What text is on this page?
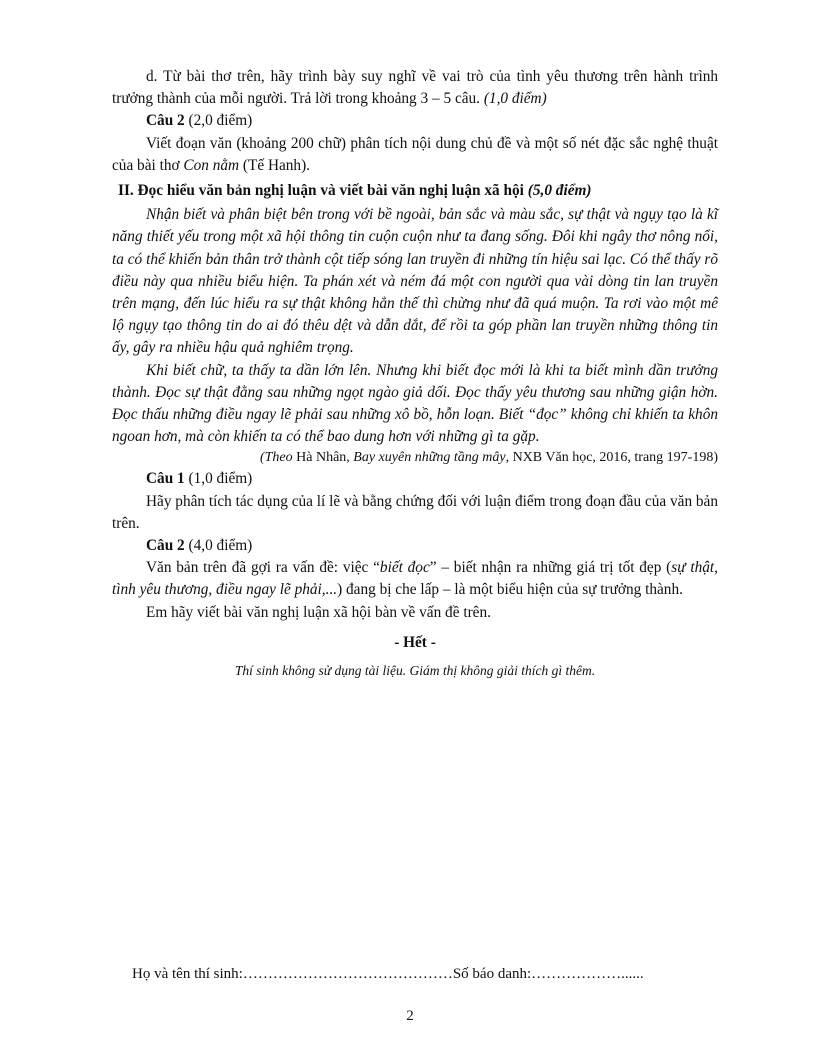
d. Từ bài thơ trên, hãy trình bày suy nghĩ về vai trò của tình yêu thương trên hành trình trưởng thành của mỗi người. Trả lời trong khoảng 3 – 5 câu. (1,0 điểm)

Câu 2 (2,0 điểm)

Viết đoạn văn (khoảng 200 chữ) phân tích nội dung chủ đề và một số nét đặc sắc nghệ thuật của bài thơ Con nằm (Tế Hanh).

II. Đọc hiểu văn bản nghị luận và viết bài văn nghị luận xã hội (5,0 điểm)

Nhận biết và phân biệt bên trong với bề ngoài, bản sắc và màu sắc, sự thật và ngụy tạo là kĩ năng thiết yếu trong một xã hội thông tin cuộn cuộn như ta đang sống. Đôi khi ngây thơ nông nổi, ta có thể khiến bản thân trở thành cột tiếp sóng lan truyền đi những tín hiệu sai lạc. Có thể thấy rõ điều này qua nhiều biểu hiện. Ta phán xét và ném đá một con người qua vài dòng tin lan truyền trên mạng, đến lúc hiểu ra sự thật không hẳn thế thì chừng như đã quá muộn. Ta rơi vào một mê lộ ngụy tạo thông tin do ai đó thêu dệt và dẫn dắt, để rồi ta góp phần lan truyền những thông tin ấy, gây ra nhiều hậu quả nghiêm trọng.

Khi biết chữ, ta thấy ta dần lớn lên. Nhưng khi biết đọc mới là khi ta biết mình dần trưởng thành. Đọc sự thật đằng sau những ngọt ngào giả dối. Đọc thấy yêu thương sau những giận hờn. Đọc thấu những điều ngay lẽ phải sau những xô bồ, hỗn loạn. Biết “đọc” không chỉ khiến ta khôn ngoan hơn, mà còn khiến ta có thể bao dung hơn với những gì ta gặp.

(Theo Hà Nhân, Bay xuyên những tầng mây, NXB Văn học, 2016, trang 197-198)

Câu 1 (1,0 điểm)

Hãy phân tích tác dụng của lí lẽ và bằng chứng đối với luận điểm trong đoạn đầu của văn bản trên.

Câu 2 (4,0 điểm)

Văn bản trên đã gợi ra vấn đề: việc “biết đọc” – biết nhận ra những giá trị tốt đẹp (sự thật, tình yêu thương, điều ngay lẽ phải,...) đang bị che lấp – là một biểu hiện của sự trưởng thành.

Em hãy viết bài văn nghị luận xã hội bàn về vấn đề trên.

- Hết -

Thí sinh không sử dụng tài liệu. Giám thị không giải thích gì thêm.

Họ và tên thí sinh:……………………………………Số báo danh:………………......
2
